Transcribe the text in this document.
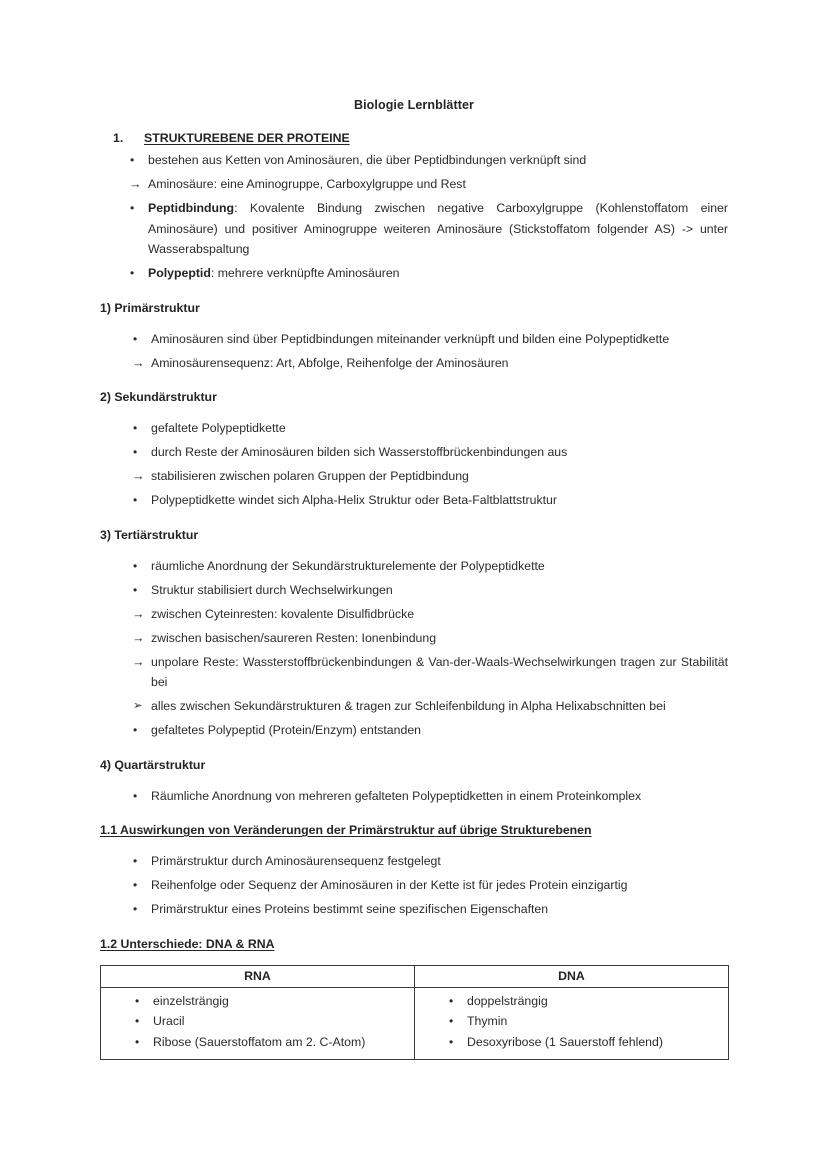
Biologie Lernblätter
1.	STRUKTUREBENE DER PROTEINE
•	bestehen aus Ketten von Aminosäuren, die über Peptidbindungen verknüpft sind
→ Aminosäure: eine Aminogruppe, Carboxylgruppe und Rest
•	Peptidbindung: Kovalente Bindung zwischen negative Carboxylgruppe (Kohlenstoffatom einer Aminosäure) und positiver Aminogruppe weiteren Aminosäure (Stickstoffatom folgender AS) -> unter Wasserabspaltung
•	Polypeptid: mehrere verknüpfte Aminosäuren
1) Primärstruktur
•	Aminosäuren sind über Peptidbindungen miteinander verknüpft und bilden eine Polypeptidkette
→ Aminosäurensequenz: Art, Abfolge, Reihenfolge der Aminosäuren
2) Sekundärstruktur
•	gefaltete Polypeptidkette
•	durch Reste der Aminosäuren bilden sich Wasserstoffbrückenbindungen aus
→ stabilisieren zwischen polaren Gruppen der Peptidbindung
•	Polypeptidkette windet sich Alpha-Helix Struktur oder Beta-Faltblattstruktur
3) Tertiärstruktur
•	räumliche Anordnung der Sekundärstrukturelemente der Polypeptidkette
•	Struktur stabilisiert durch Wechselwirkungen
→ zwischen Cyteinresten: kovalente Disulfidbrücke
→ zwischen basischen/saureren Resten: Ionenbindung
→ unpolare Reste: Wassterstoffbrückenbindungen & Van-der-Waals-Wechselwirkungen tragen zur Stabilität bei
➢ alles zwischen Sekundärstrukturen & tragen zur Schleifenbildung in Alpha Helixabschnitten bei
•	gefaltetes Polypeptid (Protein/Enzym) entstanden
4) Quartärstruktur
•	Räumliche Anordnung von mehreren gefalteten Polypeptidketten in einem Proteinkomplex
1.1 Auswirkungen von Veränderungen der Primärstruktur auf übrige Strukturebenen
•	Primärstruktur durch Aminosäurensequenz festgelegt
•	Reihenfolge oder Sequenz der Aminosäuren in der Kette ist für jedes Protein einzigartig
•	Primärstruktur eines Proteins bestimmt seine spezifischen Eigenschaften
1.2 Unterschiede: DNA & RNA
RNA	DNA

• einzelsträngig
• Uracil
• Ribose (Sauerstoffatom am 2. C-Atom)

• doppelsträngig
• Thymin
• Desoxyribose (1 Sauerstoff fehlend)
